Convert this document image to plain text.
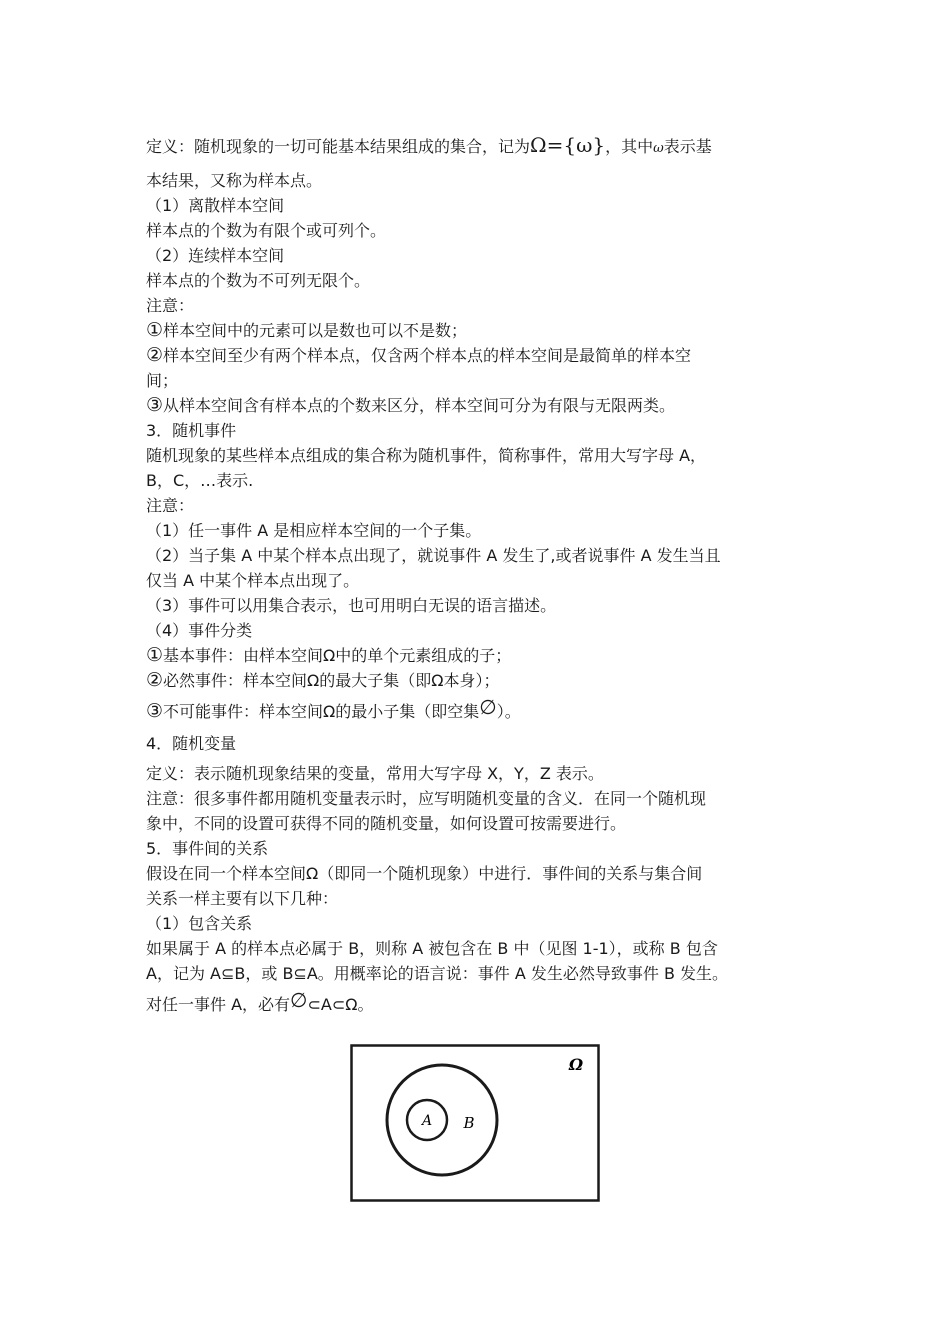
定义：随机现象的一切可能基本结果组成的集合，记为Ω={ω}，其中ω表示基
本结果，又称为样本点。
（1）离散样本空间
样本点的个数为有限个或可列个。
（2）连续样本空间
样本点的个数为不可列无限个。
注意：
①样本空间中的元素可以是数也可以不是数；
②样本空间至少有两个样本点，仅含两个样本点的样本空间是最简单的样本空
间；
③从样本空间含有样本点的个数来区分，样本空间可分为有限与无限两类。
3．随机事件
随机现象的某些样本点组成的集合称为随机事件，简称事件，常用大写字母 A，
B，C，…表示.
注意：
（1）任一事件 A 是相应样本空间的一个子集。
（2）当子集 A 中某个样本点出现了，就说事件 A 发生了,或者说事件 A 发生当且
仅当 A 中某个样本点出现了。
（3）事件可以用集合表示，也可用明白无误的语言描述。
（4）事件分类
①基本事件：由样本空间Ω中的单个元素组成的子；
②必然事件：样本空间Ω的最大子集（即Ω本身）；
③不可能事件：样本空间Ω的最小子集（即空集∅）。
4．随机变量
定义：表示随机现象结果的变量，常用大写字母 X，Y，Z 表示。
注意：很多事件都用随机变量表示时，应写明随机变量的含义．在同一个随机现
象中，不同的设置可获得不同的随机变量，如何设置可按需要进行。
5．事件间的关系
假设在同一个样本空间Ω（即同一个随机现象）中进行．事件间的关系与集合间
关系一样主要有以下几种：
（1）包含关系
如果属于 A 的样本点必属于 B，则称 A 被包含在 B 中（见图 1-1），或称 B 包含
A，记为 A⊆B，或 B⊆A。用概率论的语言说：事件 A 发生必然导致事件 B 发生。
对任一事件 A，必有∅⊂A⊂Ω。
Ω
A B
